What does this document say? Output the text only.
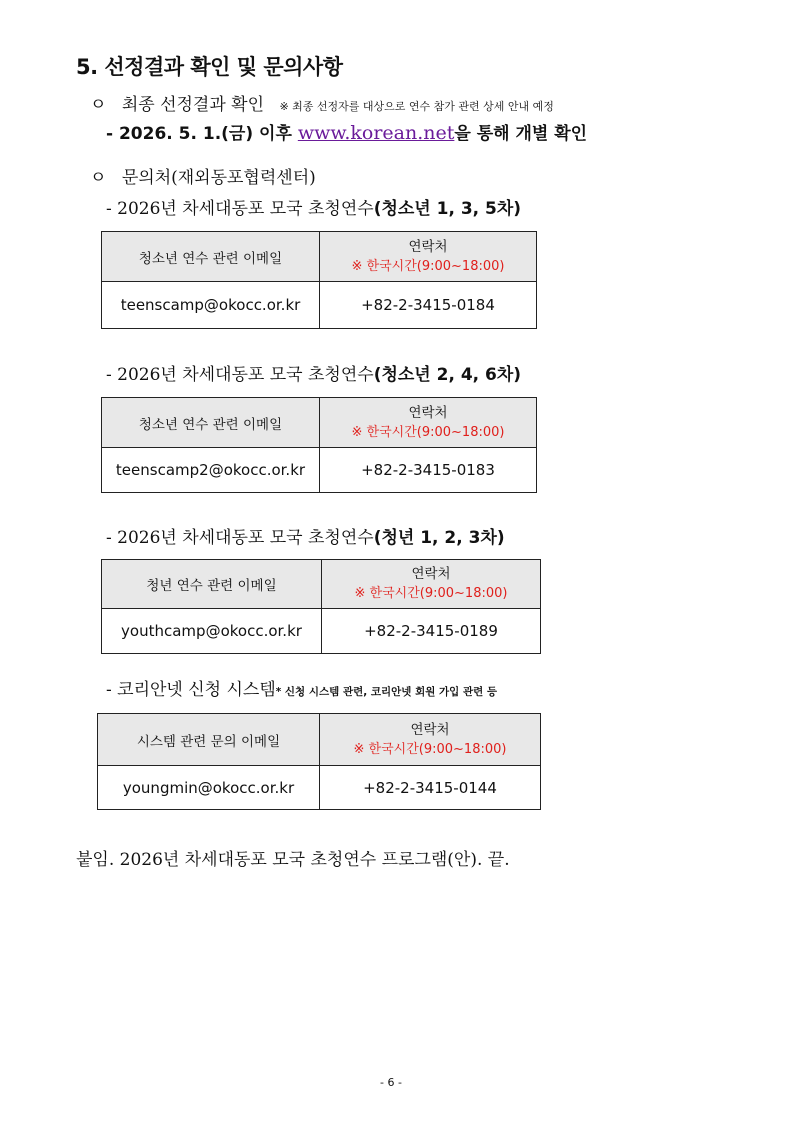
5. 선정결과 확인 및 문의사항
ㅇ 최종 선정결과 확인 ※ 최종 선정자를 대상으로 연수 참가 관련 상세 안내 예정
- 2026. 5. 1.(금) 이후 www.korean.net을 통해 개별 확인
ㅇ 문의처(재외동포협력센터)
- 2026년 차세대동포 모국 초청연수(청소년 1, 3, 5차)
청소년 연수 관련 이메일	연락처
※ 한국시간(9:00~18:00)

teenscamp@okocc.or.kr	+82-2-3415-0184
- 2026년 차세대동포 모국 초청연수(청소년 2, 4, 6차)
청소년 연수 관련 이메일	연락처
※ 한국시간(9:00~18:00)

teenscamp2@okocc.or.kr	+82-2-3415-0183
- 2026년 차세대동포 모국 초청연수(청년 1, 2, 3차)
청년 연수 관련 이메일	연락처
※ 한국시간(9:00~18:00)

youthcamp@okocc.or.kr	+82-2-3415-0189
- 코리안넷 신청 시스템* 신청 시스템 관련, 코리안넷 회원 가입 관련 등
시스템 관련 문의 이메일	연락처
※ 한국시간(9:00~18:00)

youngmin@okocc.or.kr	+82-2-3415-0144
붙임. 2026년 차세대동포 모국 초청연수 프로그램(안). 끝.
- 6 -
